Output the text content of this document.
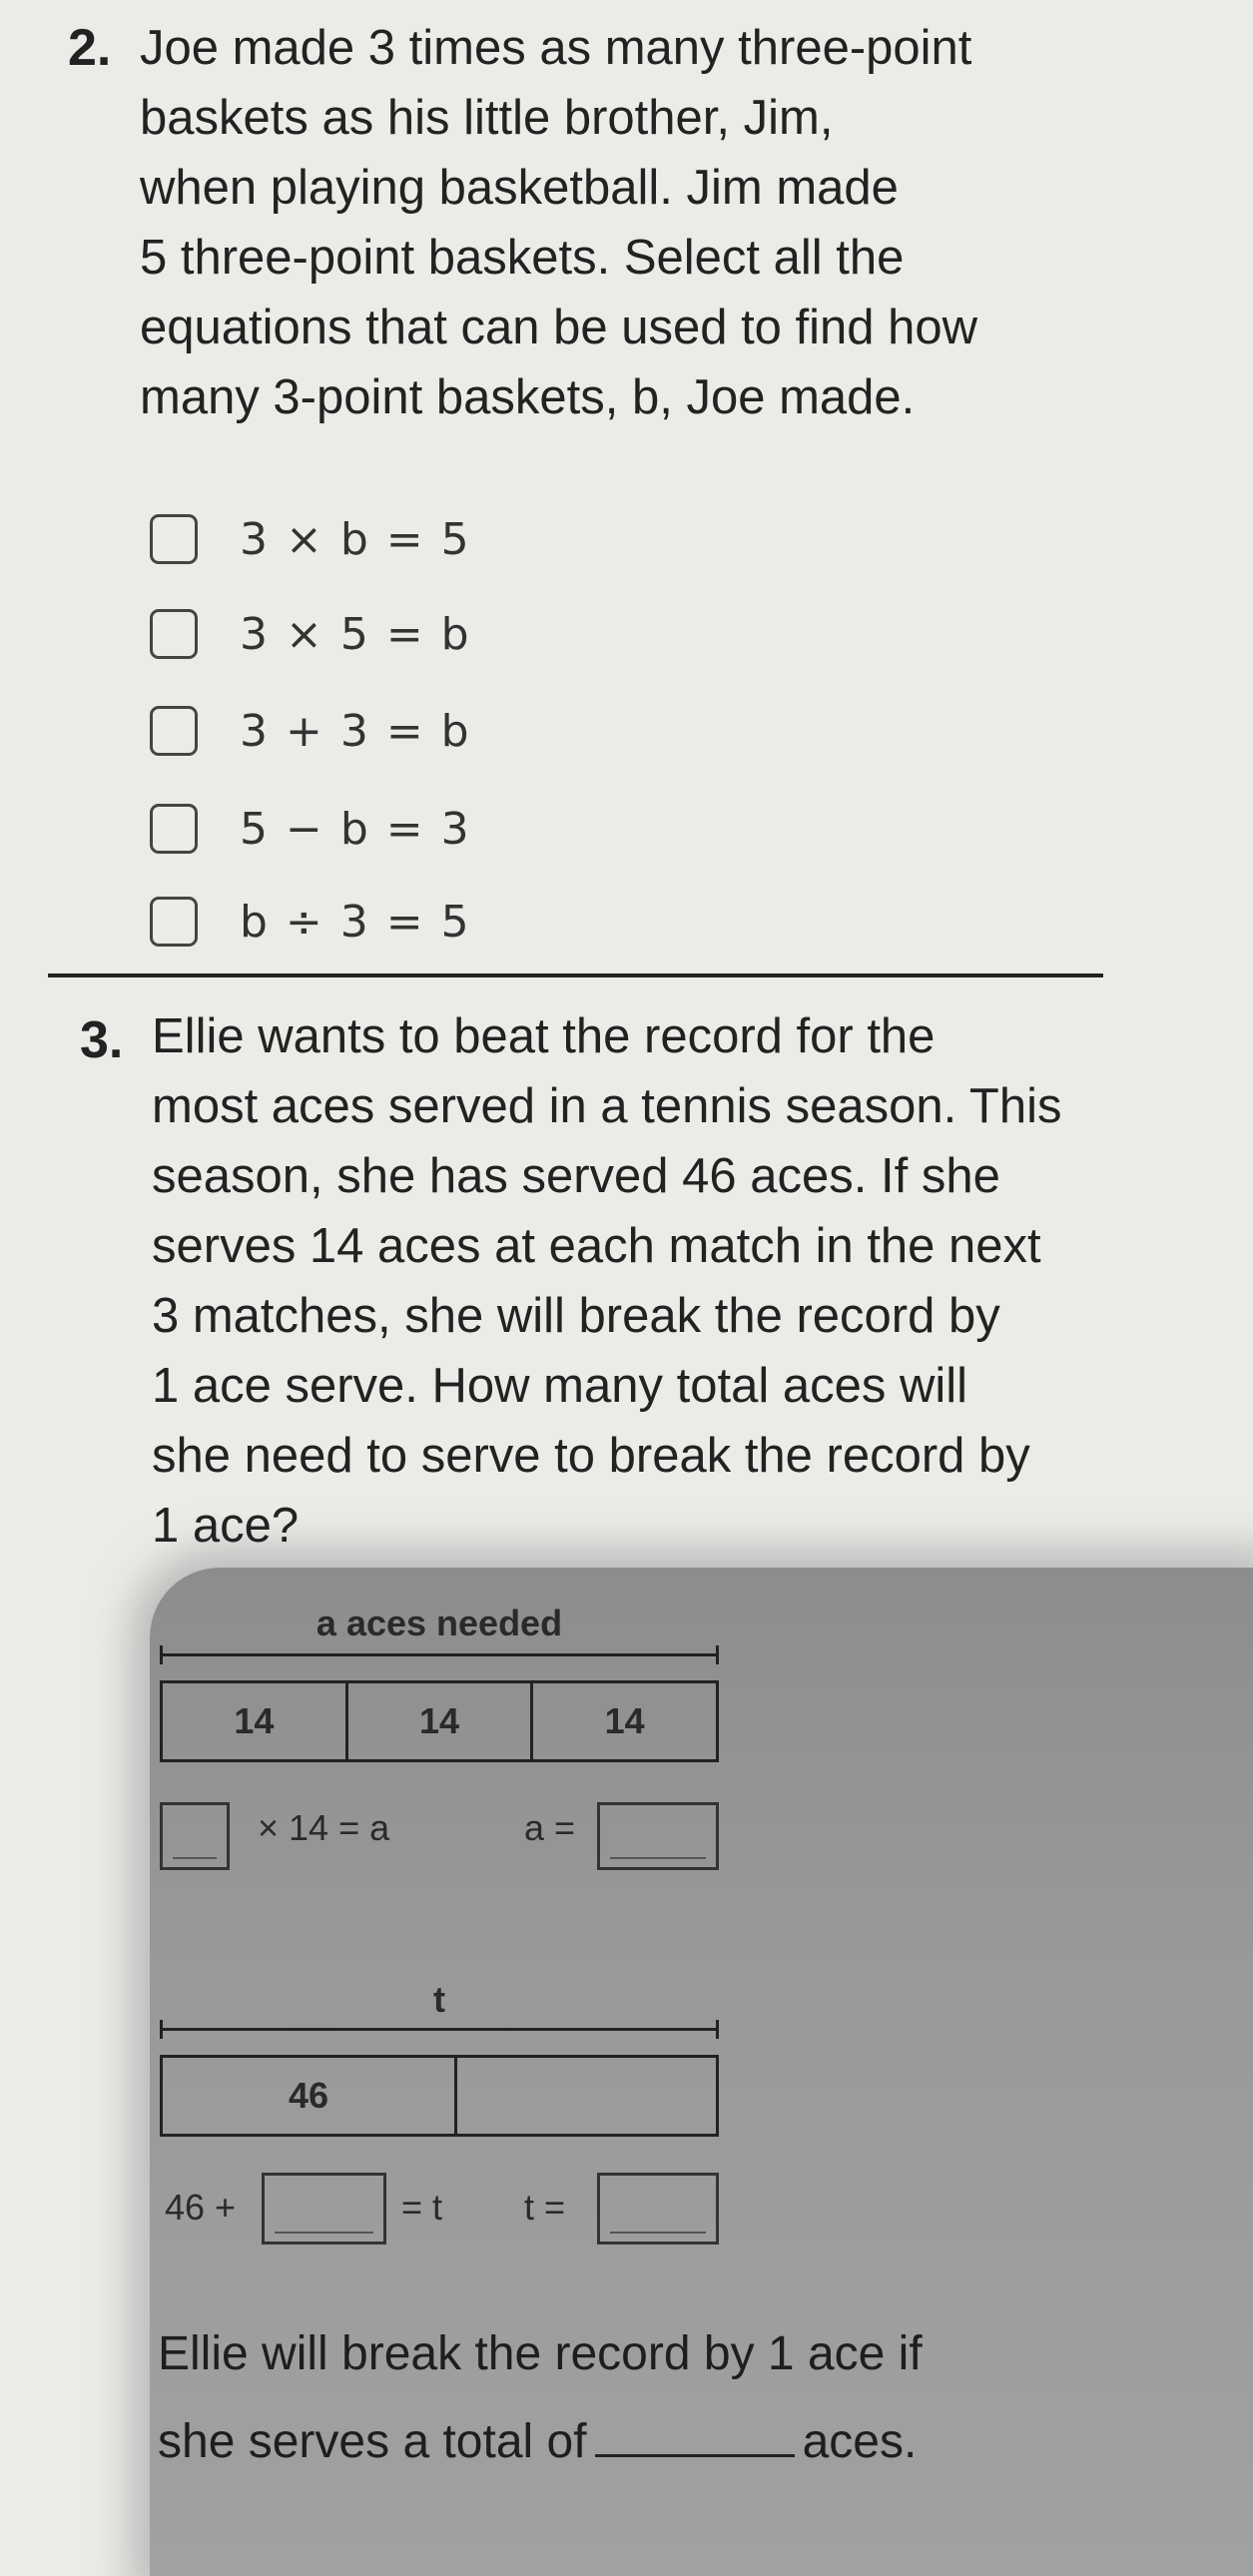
2. Joe made 3 times as many three-point
baskets as his little brother, Jim,
when playing basketball. Jim made
5 three-point baskets. Select all the
equations that can be used to find how
many 3-point baskets, b, Joe made.
3 × b = 5
3 × 5 = b
3 + 3 = b
5 − b = 3
b ÷ 3 = 5
3. Ellie wants to beat the record for the
most aces served in a tennis season. This
season, she has served 46 aces. If she
serves 14 aces at each match in the next
3 matches, she will break the record by
1 ace serve. How many total aces will
she need to serve to break the record by
1 ace?
a aces needed
14	14	14
× 14 = a	a =
t
46
46 +	= t t =
Ellie will break the record by 1 ace if
she serves a total of	aces.
